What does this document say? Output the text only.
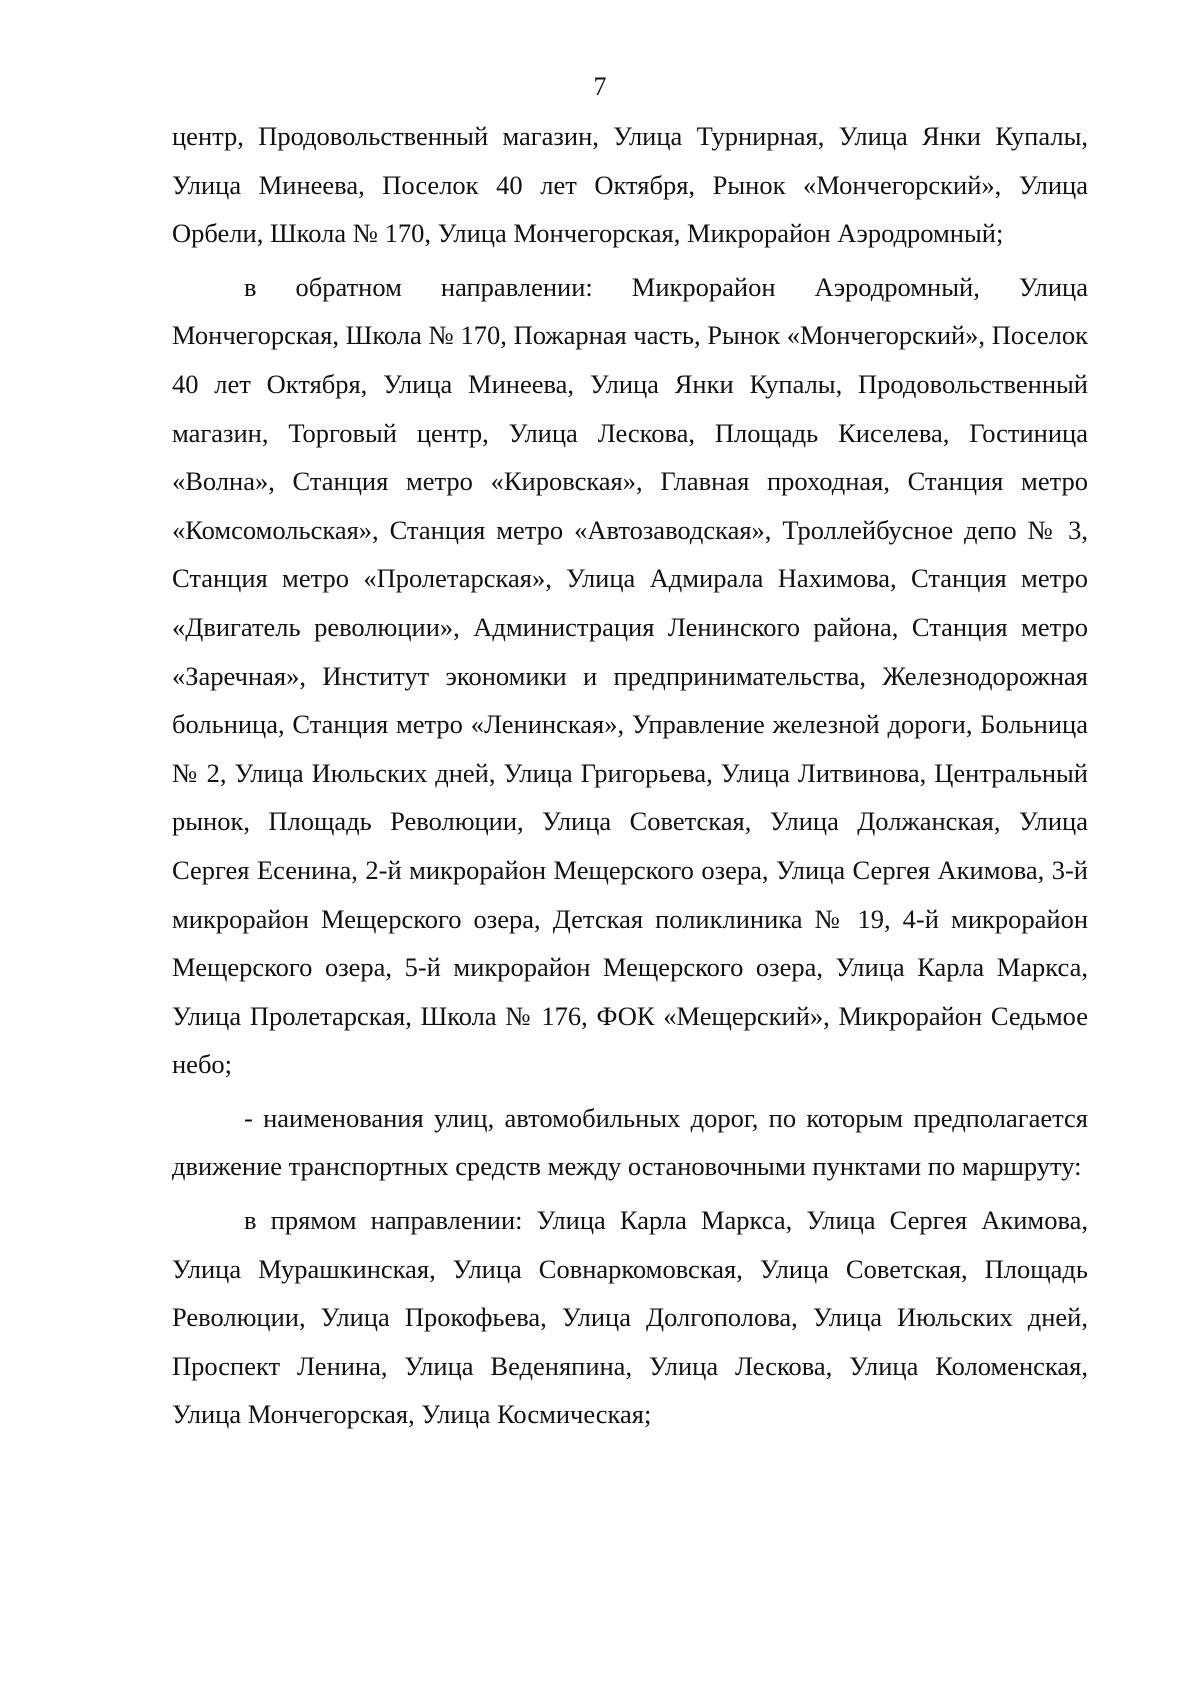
7

центр, Продовольственный магазин, Улица Турнирная, Улица Янки Купалы, Улица Минеева, Поселок 40 лет Октября, Рынок «Мончегорский», Улица Орбели, Школа № 170, Улица Мончегорская, Микрорайон Аэродромный;

в обратном направлении: Микрорайон Аэродромный, Улица Мончегорская, Школа № 170, Пожарная часть, Рынок «Мончегорский», Поселок 40 лет Октября, Улица Минеева, Улица Янки Купалы, Продовольственный магазин, Торговый центр, Улица Лескова, Площадь Киселева, Гостиница «Волна», Станция метро «Кировская», Главная проходная, Станция метро «Комсомольская», Станция метро «Автозаводская», Троллейбусное депо № 3, Станция метро «Пролетарская», Улица Адмирала Нахимова, Станция метро «Двигатель революции», Администрация Ленинского района, Станция метро «Заречная», Институт экономики и предпринимательства, Железнодорожная больница, Станция метро «Ленинская», Управление железной дороги, Больница № 2, Улица Июльских дней, Улица Григорьева, Улица Литвинова, Центральный рынок, Площадь Революции, Улица Советская, Улица Должанская, Улица Сергея Есенина, 2-й микрорайон Мещерского озера, Улица Сергея Акимова, 3-й микрорайон Мещерского озера, Детская поликлиника № 19, 4-й микрорайон Мещерского озера, 5-й микрорайон Мещерского озера, Улица Карла Маркса, Улица Пролетарская, Школа № 176, ФОК «Мещерский», Микрорайон Седьмое небо;

- наименования улиц, автомобильных дорог, по которым предполагается движение транспортных средств между остановочными пунктами по маршруту:

в прямом направлении: Улица Карла Маркса, Улица Сергея Акимова, Улица Мурашкинская, Улица Совнаркомовская, Улица Советская, Площадь Революции, Улица Прокофьева, Улица Долгополова, Улица Июльских дней, Проспект Ленина, Улица Веденяпина, Улица Лескова, Улица Коломенская, Улица Мончегорская, Улица Космическая;
